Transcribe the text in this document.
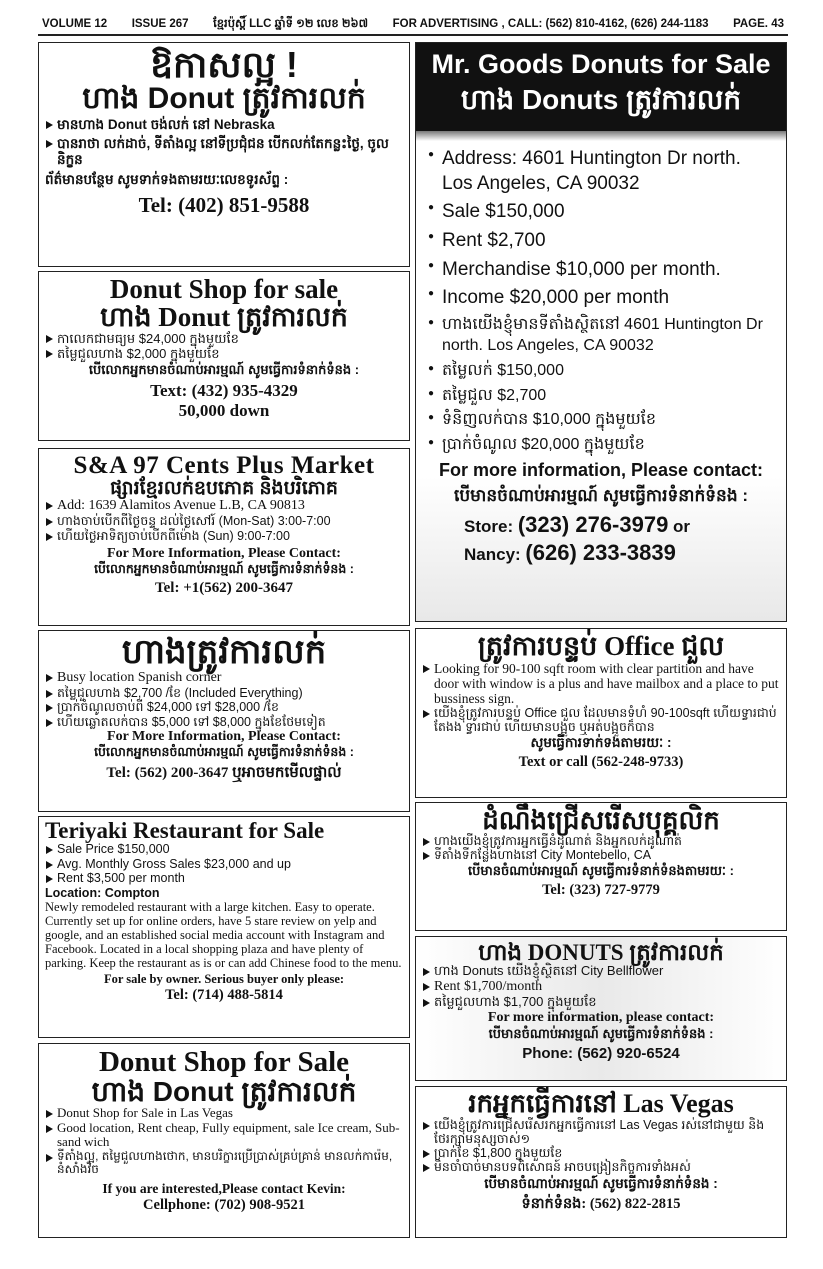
VOLUME 12 ISSUE 267 ខ្មែរប៉ុស្តិ៍ LLC ឆ្នាំទី ១២ លេខ ២៦៧ FOR ADVERTISING , CALL: (562) 810-4162, (626) 244-1183 PAGE. 43
ឱកាសល្អ !
ហាង Donut ត្រូវការលក់
មានហាង Donut ចង់លក់ នៅ Nebraska
បានរាថា លក់ដាច់, ទីតាំងល្អ នៅទីប្រជុំជន បើកលក់តែកន្លះថ្ងៃ, ចូលនិក្ខន
ព័ត៌មានបន្ថែម សូមទាក់ទងតាមរយៈលេខទូរស័ព្ទ :
Tel: (402) 851-9588
Donut Shop for sale
ហាង Donut ត្រូវការលក់
កាលេកជាមធ្យម $24,000 ក្នុងមួយខែ
តម្លៃជួលហាង $2,000 ក្នុងមួយខែ
បើលោកអ្នកមានចំណាប់អារម្មណ៍ សូមធ្វើការទំនាក់ទំនង :
Text: (432) 935-4329
50,000 down
S&A 97 Cents Plus Market
ផ្សារខ្មែរលក់ឧបភោគ និងបរិភោគ
Add: 1639 Alamitos Avenue L.B, CA 90813
ហាងចាប់បើកពីថ្ងៃចន្ទ ដល់ថ្ងៃសៅរ៍ (Mon-Sat) 3:00-7:00
ហើយថ្ងៃអាទិត្យចាប់បើកពីម៉ោង (Sun) 9:00-7:00
For More Information, Please Contact:
បើលោកអ្នកមានចំណាប់អារម្មណ៍ សូមធ្វើការទំនាក់ទំនង :
Tel: +1(562) 200-3647
ហាងត្រូវការលក់
Busy location Spanish corner
តម្លៃជួលហាង $2,700 /ខែ (Included Everything)
ប្រាក់ចំណូលចាប់ពី $24,000 ទៅ $28,000 /ខែ
ហើយឆ្លោតលក់បាន $5,000 ទៅ $8,000 ក្នុងខែថែមទៀត
For More Information, Please Contact:
បើលោកអ្នកមានចំណាប់អារម្មណ៍ សូមធ្វើការទំនាក់ទំនង :
Tel: (562) 200-3647 ឬអាចមកមើលផ្ទាល់
Teriyaki Restaurant for Sale
Sale Price $150,000
Avg. Monthly Gross Sales $23,000 and up
Rent $3,500 per month
Location: Compton
Newly remodeled restaurant with a large kitchen. Easy to operate. Currently set up for online orders, have 5 stare review on yelp and google, and an established social media account with Instagram and Facebook. Located in a local shopping plaza and have plenty of parking. Keep the restaurant as is or can add Chinese food to the menu.
For sale by owner. Serious buyer only please:
Tel: (714) 488-5814
Donut Shop for Sale
ហាង Donut ត្រូវការលក់
Donut Shop for Sale in Las Vegas
Good location, Rent cheap, Fully equipment, sale Ice cream, Sub-sand wich
ទីតាំងល្អ, តម្លៃជួលហាងថោក, មានបរិក្ខារប្រើប្រាស់គ្រប់គ្រាន់ មានលក់ការ៉េម, នំសាំងវិច
If you are interested,Please contact Kevin:
Cellphone: (702) 908-9521
Mr. Goods Donuts for Sale
ហាង Donuts ត្រូវការលក់
● Address: 4601 Huntington Dr north. Los Angeles, CA 90032
● Sale $150,000
● Rent $2,700
● Merchandise $10,000 per month.
● Income $20,000 per month
● ហាងយើងខ្ញុំមានទីតាំងស្ថិតនៅ 4601 Huntington Dr north. Los Angeles, CA 90032
● តម្លៃលក់ $150,000
● តម្លៃជួល $2,700
● ទំនិញលក់បាន $10,000 ក្នុងមួយខែ
● ប្រាក់ចំណូល $20,000 ក្នុងមួយខែ
For more information, Please contact:
បើមានចំណាប់អារម្មណ៍ សូមធ្វើការទំនាក់ទំនង :
Store: (323) 276-3979 or
Nancy: (626) 233-3839
ត្រូវការបន្ទប់ Office ជួល
Looking for 90-100 sqft room with clear partition and have door with window is a plus and have mailbox and a place to put bussiness sign.
យើងខ្ញុំត្រូវការបន្ទប់ Office ជួល ដែលមានទំហំ 90-100sqft ហើយទ្វារជាប់តែងង ទ្វារជាប់ ហើយមានបង្អួច ឬអត់បង្អួចក៏បាន
សូមធ្វើការទាក់ទងតាមរយៈ :
Text or call (562-248-9733)
ដំណឹងជ្រើសរើសបុគ្គលិក
ហាងយើងខ្ញុំត្រូវការអ្នកធ្វើនំដូណាត់ និងអ្នកលក់ដូណាត់
ទីតាំងទីកន្លែងហាងនៅ City Montebello, CA
បើមានចំណាប់អារម្មណ៍ សូមធ្វើការទំនាក់ទំនងតាមរយៈ :
Tel: (323) 727-9779
ហាង DONUTS ត្រូវការលក់
ហាង Donuts យើងខ្ញុំស្ថិតនៅ City Bellflower
Rent $1,700/month
តម្លៃជួលហាង $1,700 ក្នុងមួយខែ
For more information, please contact:
បើមានចំណាប់អារម្មណ៍ សូមធ្វើការទំនាក់ទំនង :
Phone: (562) 920-6524
រកអ្នកធ្វើការនៅ Las Vegas
យើងខ្ញុំត្រូវការជ្រើសរើសរកអ្នកធ្វើការនៅ Las Vegas រស់នៅជាមួយ និងថែរក្សាមនុស្សចាស់១
ប្រាក់ខែ $1,800 ក្នុងមួយខែ
មិនចាំបាច់មានបទពិសោធន៍ អាចបង្រៀនកិច្ចការទាំងអស់
បើមានចំណាប់អារម្មណ៍ សូមធ្វើការទំនាក់ទំនង :
ទំនាក់ទំនង: (562) 822-2815
